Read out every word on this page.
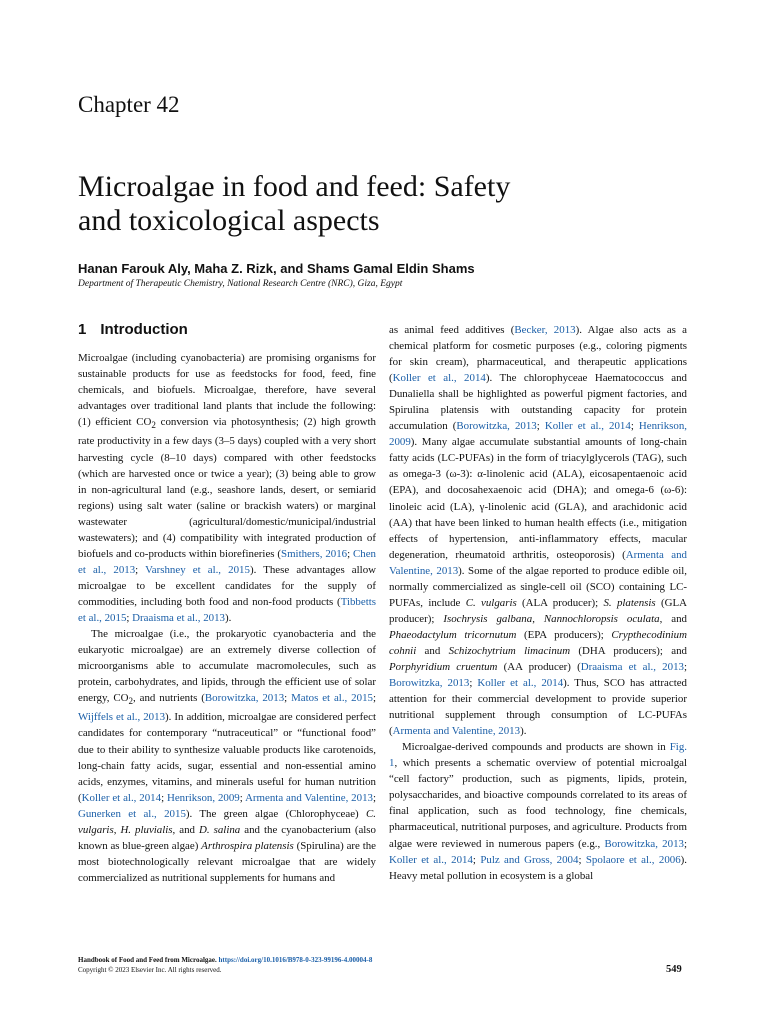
Chapter 42
Microalgae in food and feed: Safety
and toxicological aspects
Hanan Farouk Aly, Maha Z. Rizk, and Shams Gamal Eldin Shams
Department of Therapeutic Chemistry, National Research Centre (NRC), Giza, Egypt
1 Introduction

Microalgae (including cyanobacteria) are promising organisms for sustainable products for use as feedstocks for food, feed, fine chemicals, and biofuels. Microalgae, therefore, have several advantages over traditional land plants that include the following: (1) efficient $CO_2$ conversion via photosynthesis; (2) high growth rate productivity in a few days (3–5 days) coupled with a very short harvesting cycle (8–10 days) compared with other feedstocks (which are harvested once or twice a year); (3) being able to grow in non-agricultural land (e.g., seashore lands, desert, or semiarid regions) using salt water (saline or brackish waters) or marginal wastewater (agricultural/domestic/municipal/industrial wastewaters); and (4) compatibility with integrated production of biofuels and co-products within biorefineries (Smithers, 2016; Chen et al., 2013; Varshney et al., 2015). These advantages allow microalgae to be excellent candidates for the supply of commodities, including both food and non-food products (Tibbetts et al., 2015; Draaisma et al., 2013).

The microalgae (i.e., the prokaryotic cyanobacteria and the eukaryotic microalgae) are an extremely diverse collection of microorganisms able to accumulate macromolecules, such as protein, carbohydrates, and lipids, through the efficient use of solar energy, $CO_2$, and nutrients (Borowitzka, 2013; Matos et al., 2015; Wijffels et al., 2013). In addition, microalgae are considered perfect candidates for contemporary “nutraceutical” or “functional food” due to their ability to synthesize valuable products like carotenoids, long-chain fatty acids, sugar, essential and non-essential amino acids, enzymes, vitamins, and minerals useful for human nutrition (Koller et al., 2014; Henrikson, 2009; Armenta and Valentine, 2013; Gunerken et al., 2015). The green algae (Chlorophyceae) C. vulgaris, H. pluvialis, and D. salina and the cyanobacterium (also known as blue-green algae) Arthrospira platensis (Spirulina) are the most biotechnologically relevant microalgae that are widely commercialized as nutritional supplements for humans and

as animal feed additives (Becker, 2013). Algae also acts as a chemical platform for cosmetic purposes (e.g., coloring pigments for skin cream), pharmaceutical, and therapeutic applications (Koller et al., 2014). The chlorophyceae Haematococcus and Dunaliella shall be highlighted as powerful pigment factories, and Spirulina platensis with outstanding capacity for protein accumulation (Borowitzka, 2013; Koller et al., 2014; Henrikson, 2009). Many algae accumulate substantial amounts of long-chain fatty acids (LC-PUFAs) in the form of triacylglycerols (TAG), such as omega-3 (ω-3): α-linolenic acid (ALA), eicosapentaenoic acid (EPA), and docosahexaenoic acid (DHA); and omega-6 (ω-6): linoleic acid (LA), γ-linolenic acid (GLA), and arachidonic acid (AA) that have been linked to human health effects (i.e., mitigation effects of hypertension, anti-inflammatory effects, macular degeneration, rheumatoid arthritis, osteoporosis) (Armenta and Valentine, 2013). Some of the algae reported to produce edible oil, normally commercialized as single-cell oil (SCO) containing LC-PUFAs, include C. vulgaris (ALA producer); S. platensis (GLA producer); Isochrysis galbana, Nannochloropsis oculata, and Phaeodactylum tricornutum (EPA producers); Crypthecodinium cohnii and Schizochytrium limacinum (DHA producers); and Porphyridium cruentum (AA producer) (Draaisma et al., 2013; Borowitzka, 2013; Koller et al., 2014). Thus, SCO has attracted attention for their commercial development to provide superior nutritional supplement through consumption of LC-PUFAs (Armenta and Valentine, 2013).

Microalgae-derived compounds and products are shown in Fig. 1, which presents a schematic overview of potential microalgal “cell factory” production, such as pigments, lipids, protein, polysaccharides, and bioactive compounds correlated to its areas of final application, such as food technology, fine chemicals, pharmaceutical, nutritional purposes, and agriculture. Products from algae were reviewed in numerous papers (e.g., Borowitzka, 2013; Koller et al., 2014; Pulz and Gross, 2004; Spolaore et al., 2006). Heavy metal pollution in ecosystem is a global

Handbook of Food and Feed from Microalgae. https://doi.org/10.1016/B978-0-323-99196-4.00004-8
Copyright © 2023 Elsevier Inc. All rights reserved.	549
